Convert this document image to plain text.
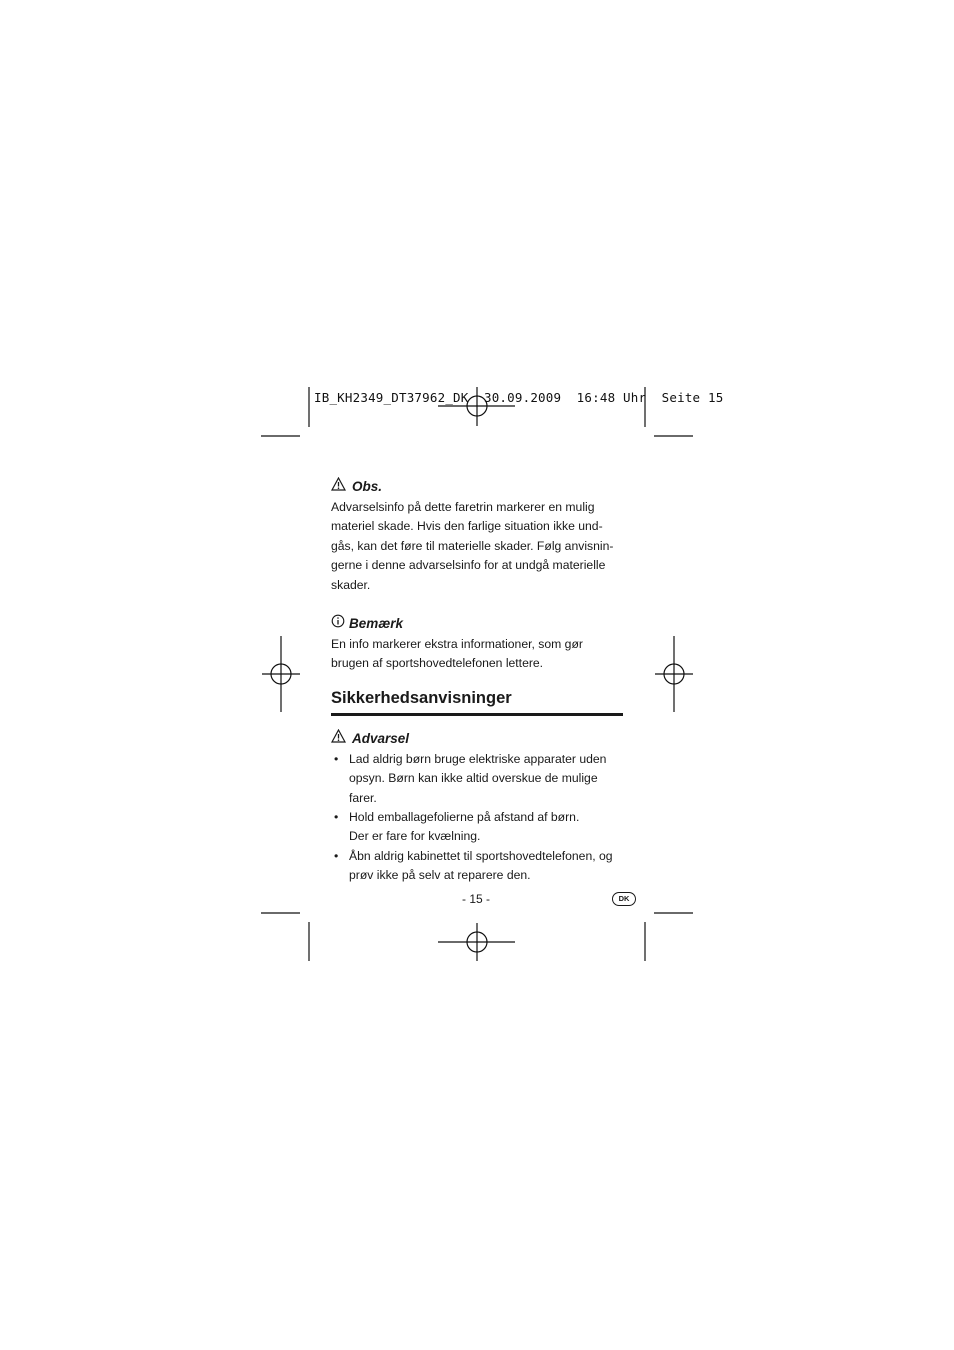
IB_KH2349_DT37962_DK  30.09.2009  16:48 Uhr  Seite 15
Obs.

Advarselsinfo på dette faretrin markerer en mulig
materiel skade. Hvis den farlige situation ikke und-
gås, kan det føre til materielle skader. Følg anvisnin-
gerne i denne advarselsinfo for at undgå materielle
skader.

Bemærk

En info markerer ekstra informationer, som gør
brugen af sportshovedtelefonen lettere.

Sikkerhedsanvisninger
Advarsel
• Lad aldrig børn bruge elektriske apparater uden
opsyn. Børn kan ikke altid overskue de mulige
farer.
• Hold emballagefolierne på afstand af børn.
Der er fare for kvælning.
• Åbn aldrig kabinettet til sportshovedtelefonen, og
prøv ikke på selv at reparere den.
- 15 -	DK
